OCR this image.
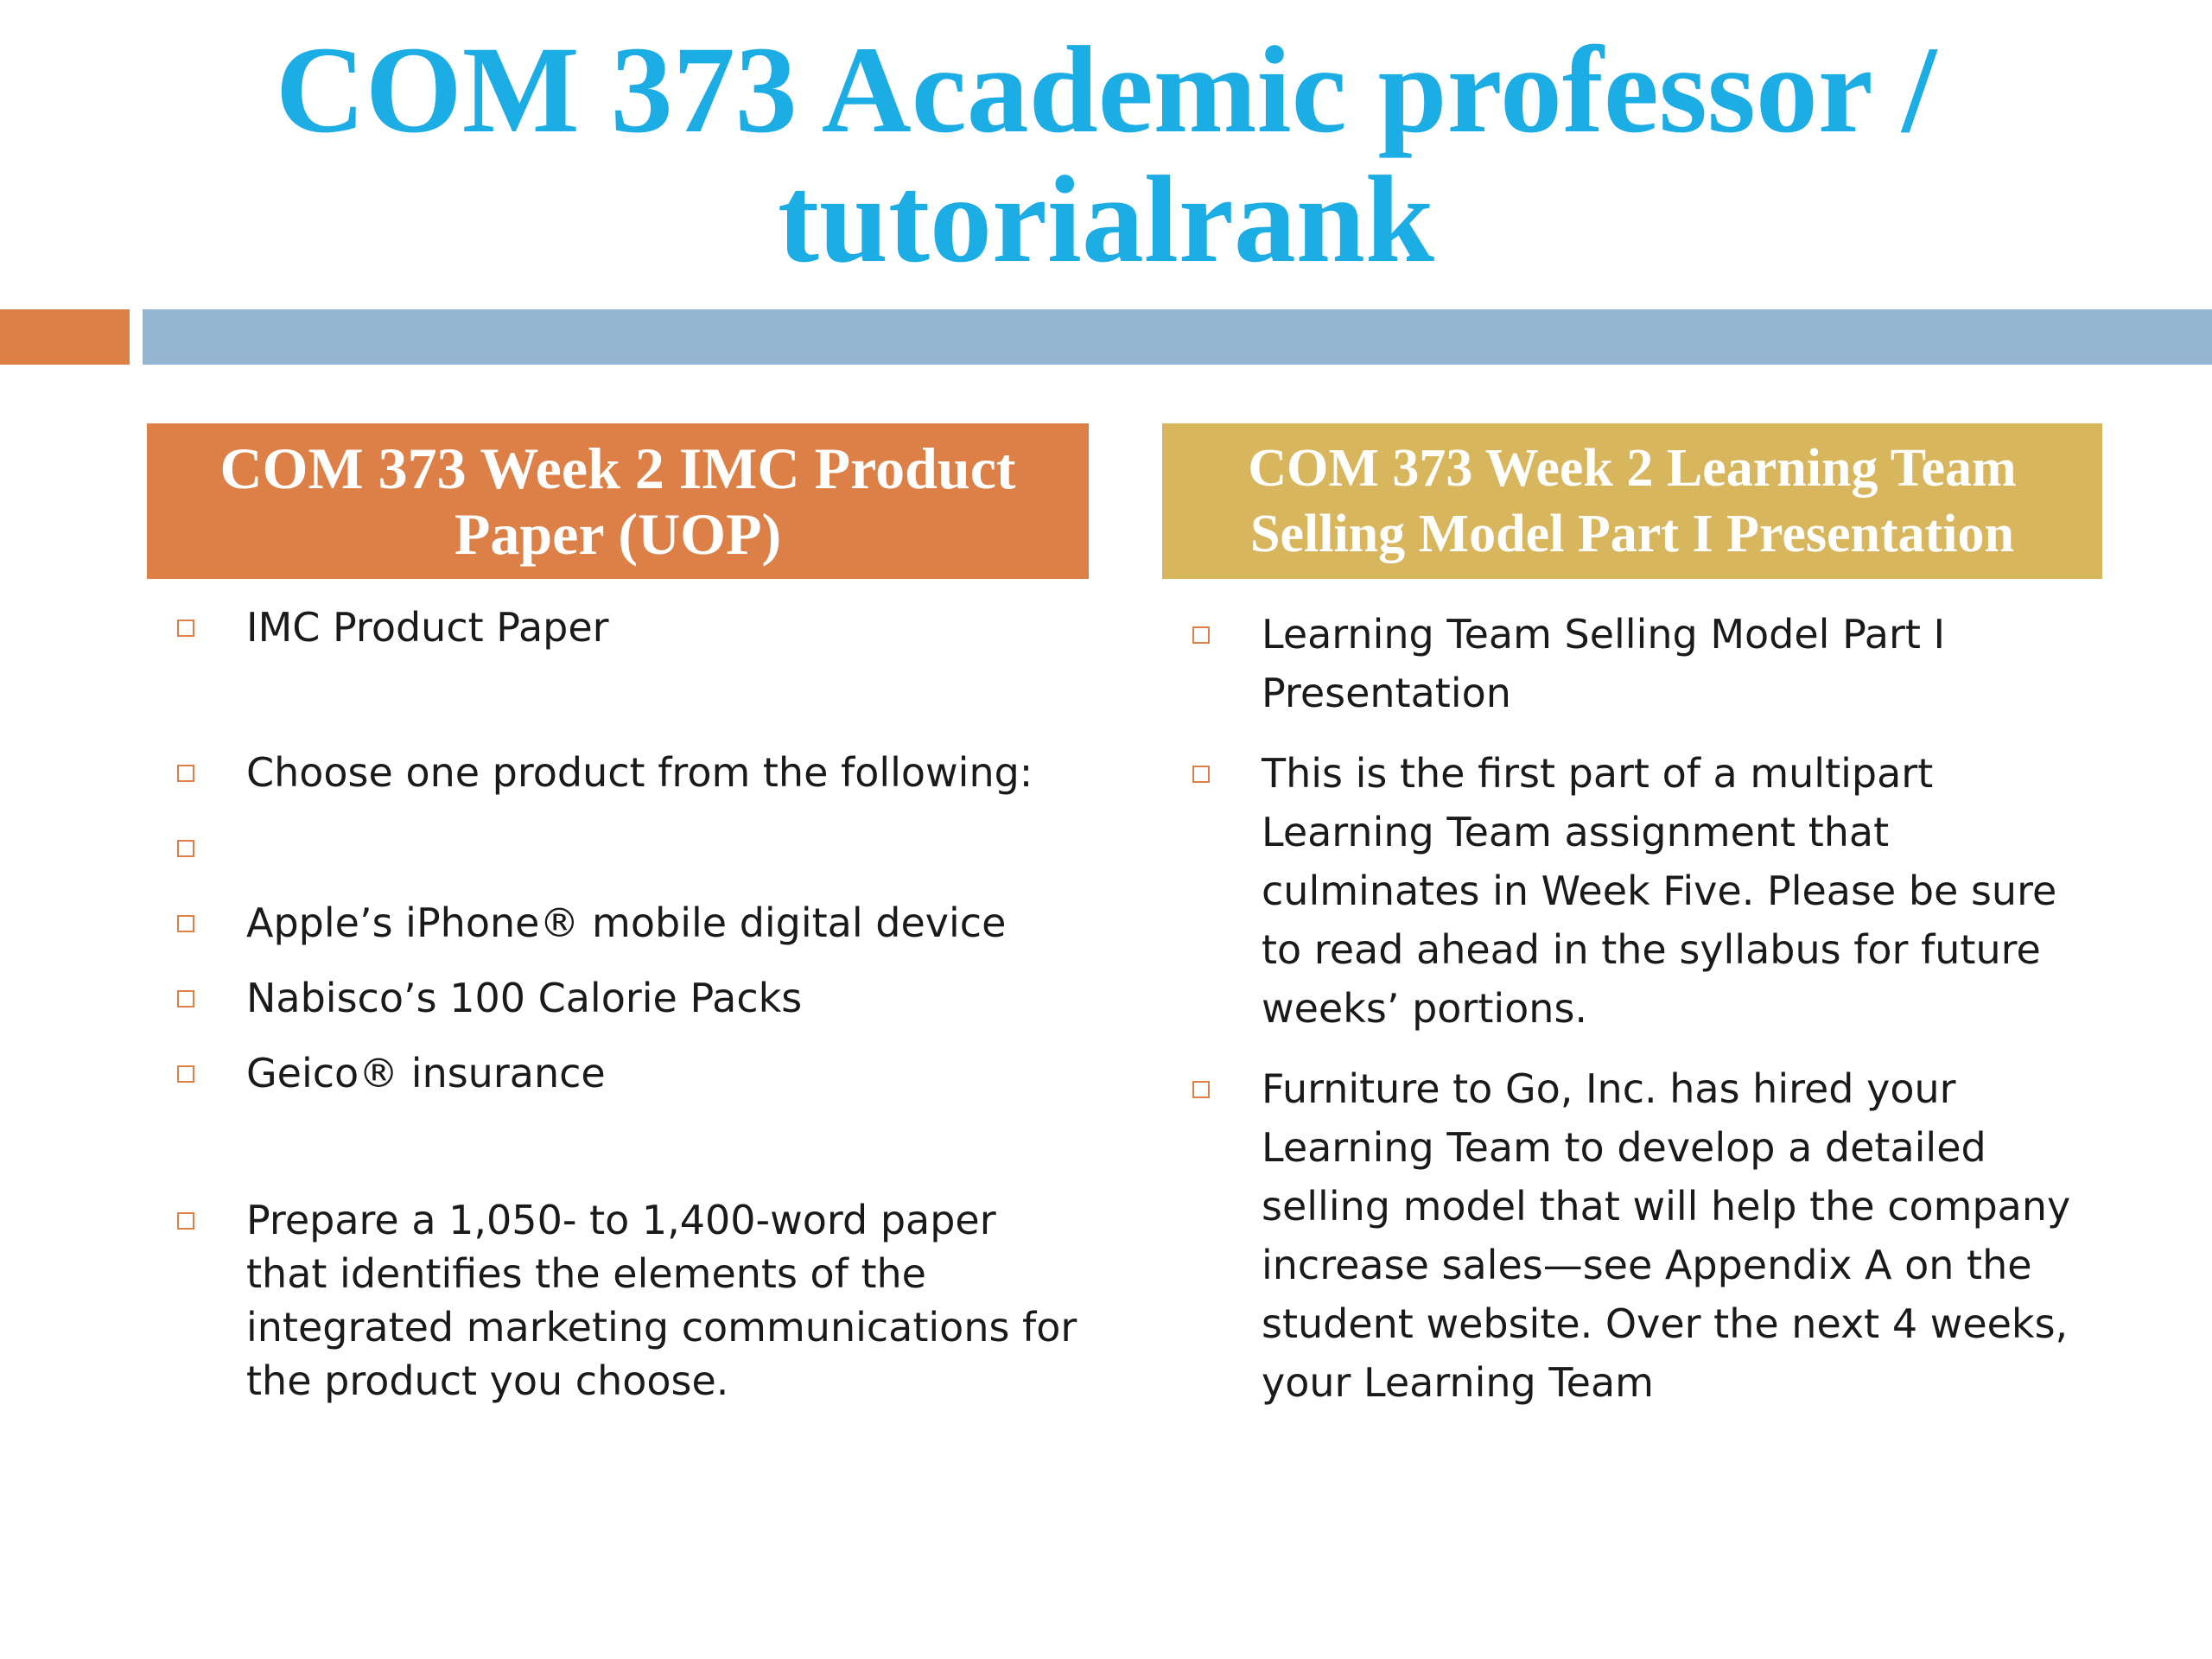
COM 373 Academic professor /
tutorialrank
COM 373 Week 2 IMC Product Paper (UOP)
IMC Product Paper
Choose one product from the following:
Apple’s iPhone® mobile digital device
Nabisco’s 100 Calorie Packs
Geico® insurance
Prepare a 1,050- to 1,400-word paper that identifies the elements of the integrated marketing communications for the product you choose.
COM 373 Week 2 Learning Team Selling Model Part I Presentation
Learning Team Selling Model Part I Presentation
This is the first part of a multipart Learning Team assignment that culminates in Week Five. Please be sure to read ahead in the syllabus for future weeks’ portions.
Furniture to Go, Inc. has hired your Learning Team to develop a detailed selling model that will help the company increase sales—see Appendix A on the student website. Over the next 4 weeks, your Learning Team
